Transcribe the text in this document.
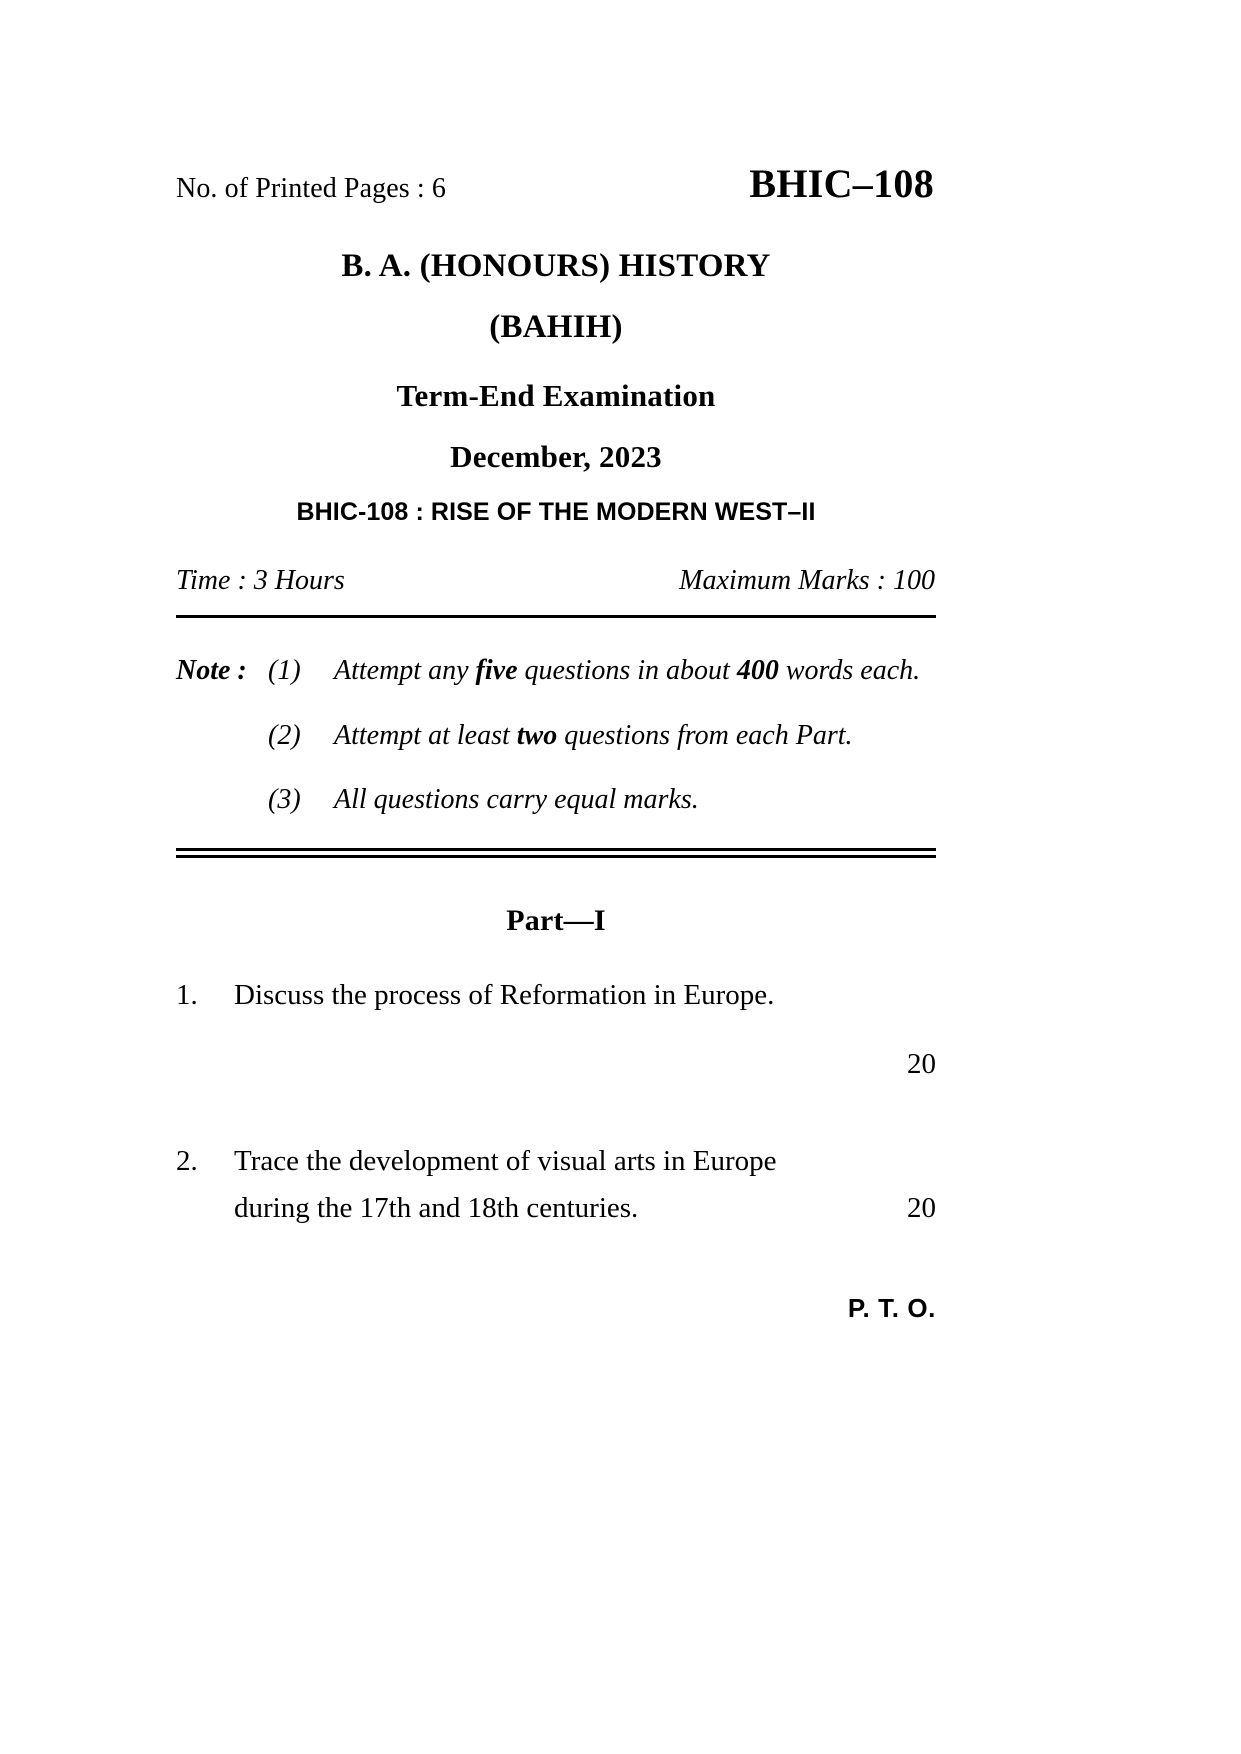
No. of Printed Pages : 6	BHIC–108
B. A. (HONOURS) HISTORY
(BAHIH)
Term-End Examination
December, 2023
BHIC-108 : RISE OF THE MODERN WEST–II
Time : 3 Hours	Maximum Marks : 100
Note : (1)	Attempt any five questions in about 400 words each.
(2)	Attempt at least two questions from each Part.
(3)	All questions carry equal marks.
Part—I
1.	Discuss the process of Reformation in Europe.
20
2.	Trace the development of visual arts in Europe
during the 17th and 18th centuries.	20
P. T. O.
